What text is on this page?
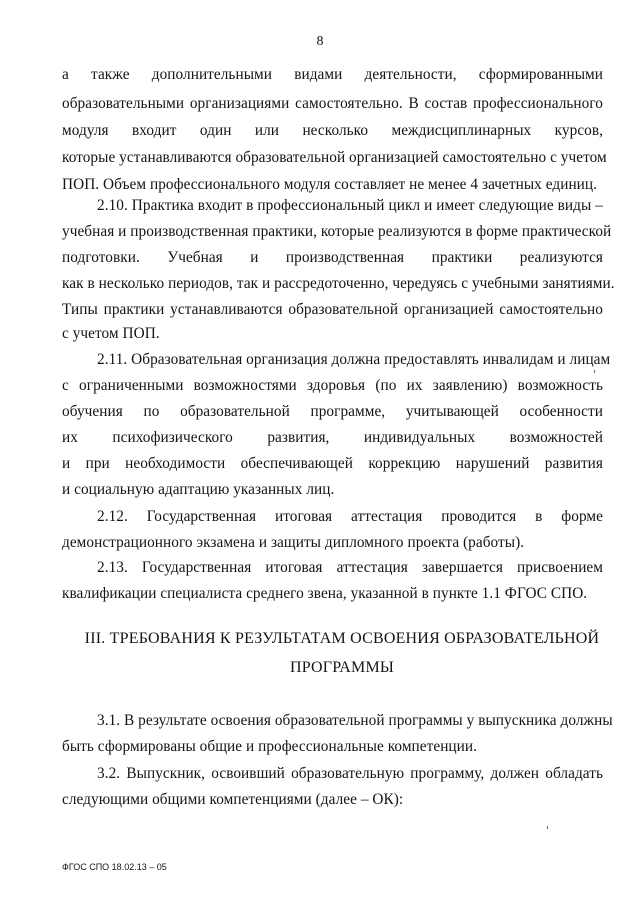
8
а также дополнительными видами деятельности, сформированными
образовательными организациями самостоятельно. В состав профессионального
модуля входит один или несколько междисциплинарных курсов,
которые устанавливаются образовательной организацией самостоятельно с учетом
ПОП. Объем профессионального модуля составляет не менее 4 зачетных единиц.
2.10. Практика входит в профессиональный цикл и имеет следующие виды –
учебная и производственная практики, которые реализуются в форме практической
подготовки. Учебная и производственная практики реализуются
как в несколько периодов, так и рассредоточенно, чередуясь с учебными занятиями.
Типы практики устанавливаются образовательной организацией самостоятельно
с учетом ПОП.
2.11. Образовательная организация должна предоставлять инвалидам и лицам
с ограниченными возможностями здоровья (по их заявлению) возможность
обучения по образовательной программе, учитывающей особенности
их психофизического развития, индивидуальных возможностей
и при необходимости обеспечивающей коррекцию нарушений развития
и социальную адаптацию указанных лиц.
2.12. Государственная итоговая аттестация проводится в форме
демонстрационного экзамена и защиты дипломного проекта (работы).
2.13. Государственная итоговая аттестация завершается присвоением
квалификации специалиста среднего звена, указанной в пункте 1.1 ФГОС СПО.
III. ТРЕБОВАНИЯ К РЕЗУЛЬТАТАМ ОСВОЕНИЯ ОБРАЗОВАТЕЛЬНОЙ
ПРОГРАММЫ
3.1. В результате освоения образовательной программы у выпускника должны
быть сформированы общие и профессиональные компетенции.
3.2. Выпускник, освоивший образовательную программу, должен обладать
следующими общими компетенциями (далее – ОК):
ФГОС СПО 18.02.13 – 05
